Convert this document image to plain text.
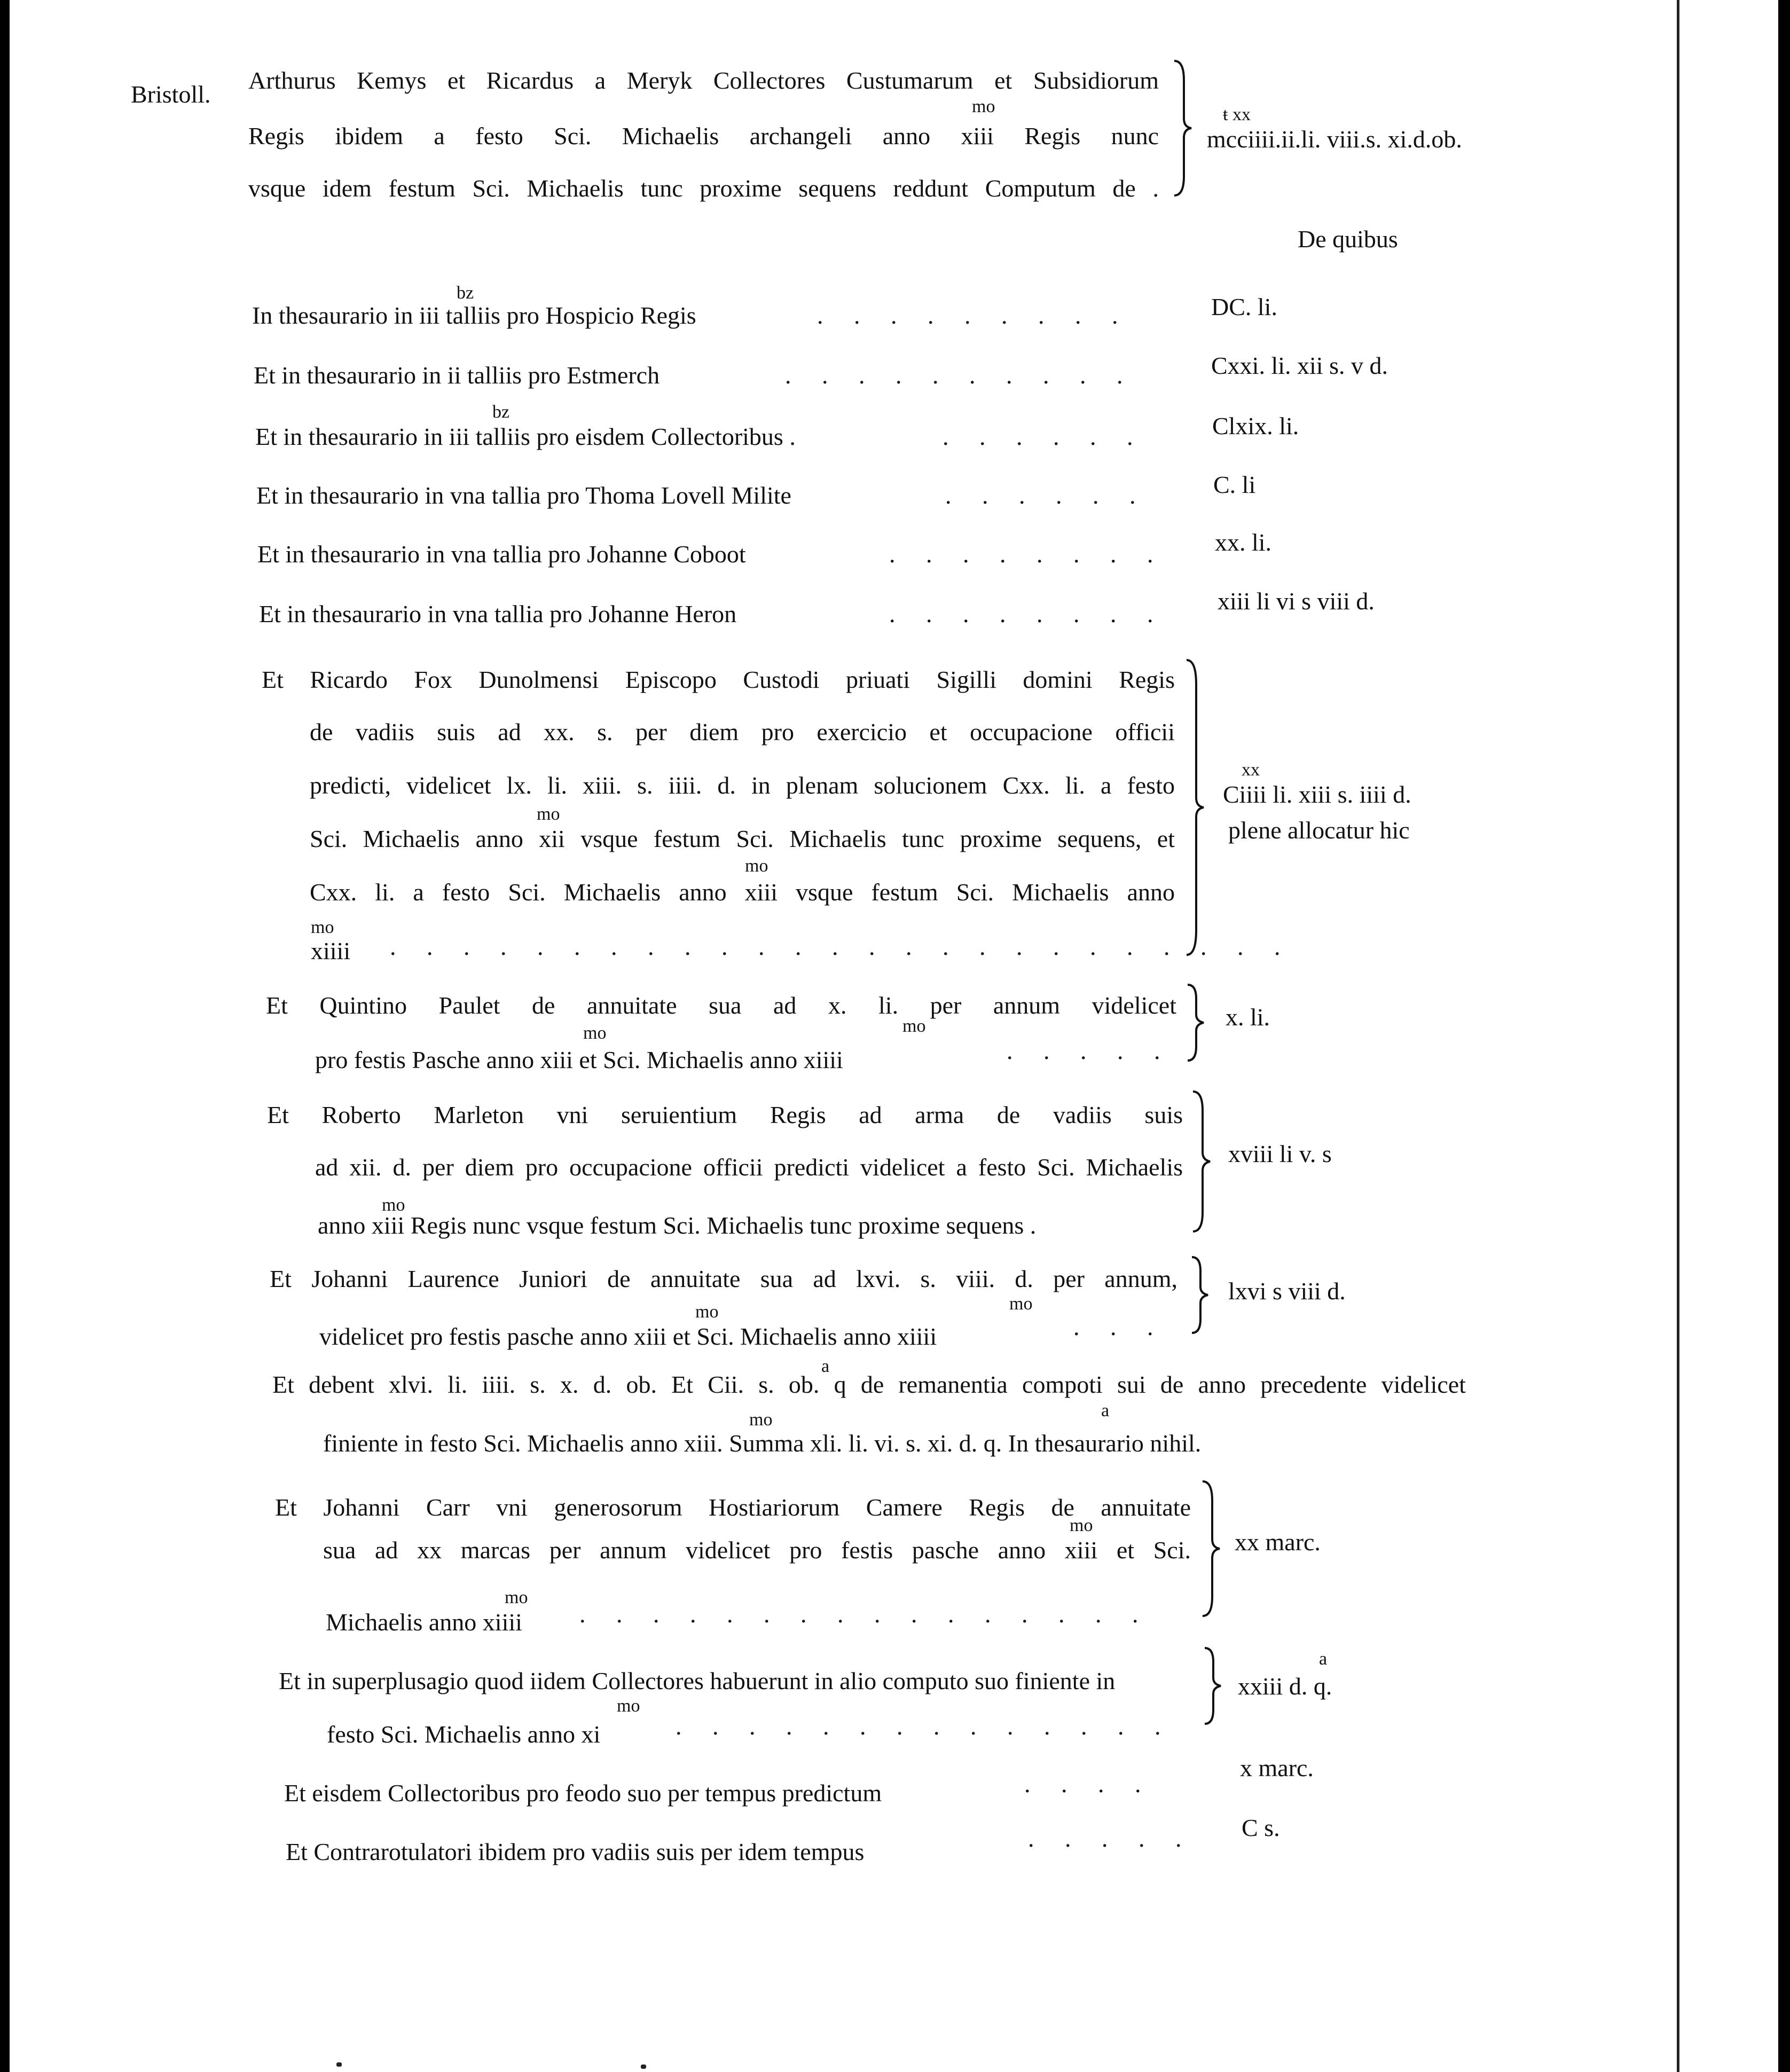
Bristoll.
Arthurus Kemys et Ricardus a Meryk Collectores Custumarum et Subsidiorum
mo
Regis ibidem a festo Sci. Michaelis archangeli anno xiii Regis nunc
vsque idem festum Sci. Michaelis tunc proxime sequens reddunt Computum de .
ŧ xx
mcciiii.ii.li. viii.s. xi.d.ob.
De quibus
bz
In thesaurario in iii talliis pro Hospicio Regis	.     .     .     .     .     .     .     .     .	DC. li.
Et in thesaurario in ii talliis pro Estmerch	.     .     .     .     .     .     .     .     .     .	Cxxi. li. xii s. v d.
bz
Et in thesaurario in iii talliis pro eisdem Collectoribus .	.     .     .     .     .     .	Clxix. li.
Et in thesaurario in vna tallia pro Thoma Lovell Milite	.     .     .     .     .     .	C. li
Et in thesaurario in vna tallia pro Johanne Coboot	.     .     .     .     .     .     .     .	xx. li.
Et in thesaurario in vna tallia pro Johanne Heron	.     .     .     .     .     .     .     .	xiii li vi s viii d.
Et Ricardo Fox Dunolmensi Episcopo Custodi priuati Sigilli domini Regis
de vadiis suis ad xx. s. per diem pro exercicio et occupacione officii
predicti, videlicet lx. li. xiii. s. iiii. d. in plenam solucionem Cxx. li. a festo
mo
Sci. Michaelis anno xii vsque festum Sci. Michaelis tunc proxime sequens, et
mo
Cxx. li. a festo Sci. Michaelis anno xiii vsque festum Sci. Michaelis anno
mo
xiiii .     .     .     .     .     .     .     .     .     .     .     .     .     .     .     .     .     .     .     .     .     .     .     .     .
xx
Ciiii li. xiii s. iiii d.
plene allocatur hic
Et Quintino Paulet de annuitate sua ad x. li. per annum videlicet
mo	mo
pro festis Pasche anno xiii et Sci. Michaelis anno xiiii	.     .     .     .     .
x. li.
Et Roberto Marleton vni seruientium Regis ad arma de vadiis suis
ad xii. d. per diem pro occupacione officii predicti videlicet a festo Sci. Michaelis
mo
anno xiii Regis nunc vsque festum Sci. Michaelis tunc proxime sequens .
xviii li v. s
Et Johanni Laurence Juniori de annuitate sua ad lxvi. s. viii. d. per annum,
mo	mo
videlicet pro festis pasche anno xiii et Sci. Michaelis anno xiiii	.     .     .
lxvi s viii d.
a
Et debent xlvi. li. iiii. s. x. d. ob. Et Cii. s. ob. q de remanentia compoti sui de anno precedente videlicet
mo	a
finiente in festo Sci. Michaelis anno xiii. Summa xli. li. vi. s. xi. d. q. In thesaurario nihil.
Et Johanni Carr vni generosorum Hostiariorum Camere Regis de annuitate
mo
sua ad xx marcas per annum videlicet pro festis pasche anno xiii et Sci.
mo
Michaelis anno xiiii .     .     .     .     .     .     .     .     .     .     .     .     .     .     .     .
xx marc.
Et in superplusagio quod iidem Collectores habuerunt in alio computo suo finiente in
mo
festo Sci. Michaelis anno xi	.     .     .     .     .     .     .     .     .     .     .     .     .     .
a
xxiii d. q.
Et eisdem Collectoribus pro feodo suo per tempus predictum	.     .     .     .
x marc.
Et Contrarotulatori ibidem pro vadiis suis per idem tempus	.     .     .     .     . C s.
